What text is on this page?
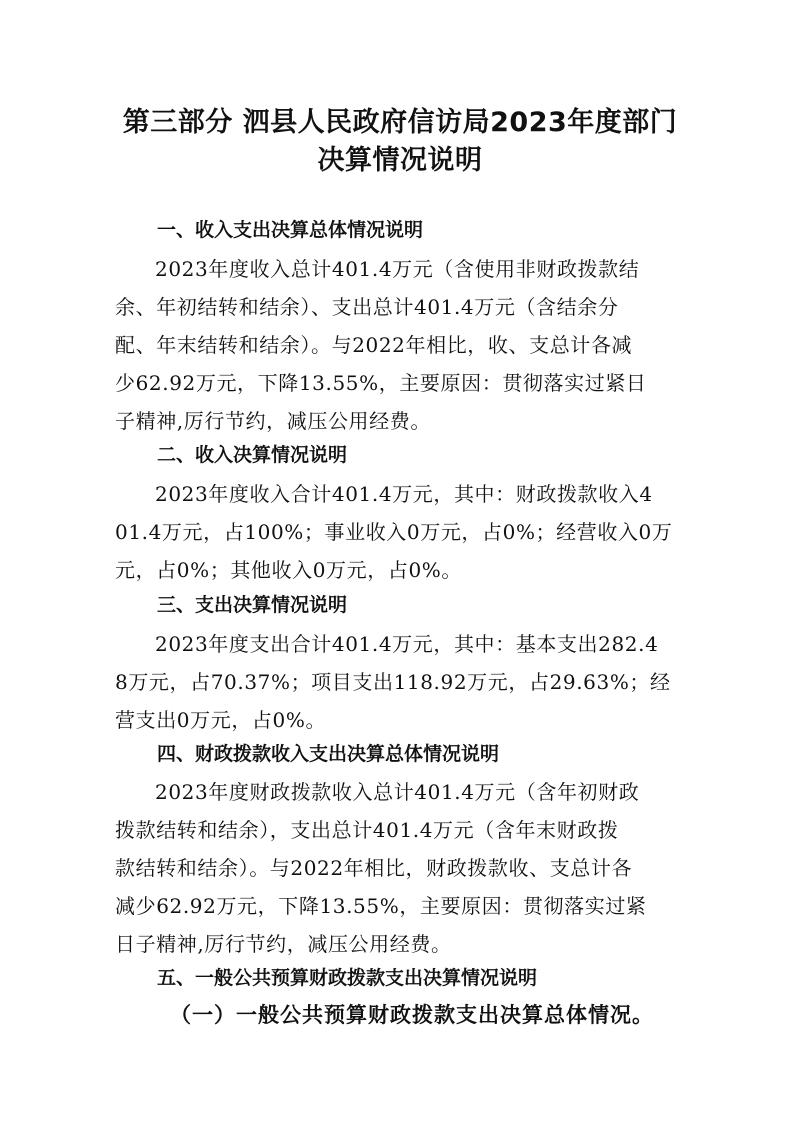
第三部分 泗县人民政府信访局2023年度部门
决算情况说明
一、收入支出决算总体情况说明
2023年度收入总计401.4万元（含使用非财政拨款结
余、年初结转和结余）、支出总计401.4万元（含结余分
配、年末结转和结余）。与2022年相比，收、支总计各减
少62.92万元，下降13.55%，主要原因：贯彻落实过紧日
子精神,厉行节约，减压公用经费。
二、收入决算情况说明
2023年度收入合计401.4万元，其中：财政拨款收入4
01.4万元，占100%；事业收入0万元，占0%；经营收入0万
元，占0%；其他收入0万元，占0%。
三、支出决算情况说明
2023年度支出合计401.4万元，其中：基本支出282.4
8万元，占70.37%；项目支出118.92万元，占29.63%；经
营支出0万元，占0%。
四、财政拨款收入支出决算总体情况说明
2023年度财政拨款收入总计401.4万元（含年初财政
拨款结转和结余），支出总计401.4万元（含年末财政拨
款结转和结余）。与2022年相比，财政拨款收、支总计各
减少62.92万元，下降13.55%，主要原因：贯彻落实过紧
日子精神,厉行节约，减压公用经费。
五、一般公共预算财政拨款支出决算情况说明
（一）一般公共预算财政拨款支出决算总体情况。
